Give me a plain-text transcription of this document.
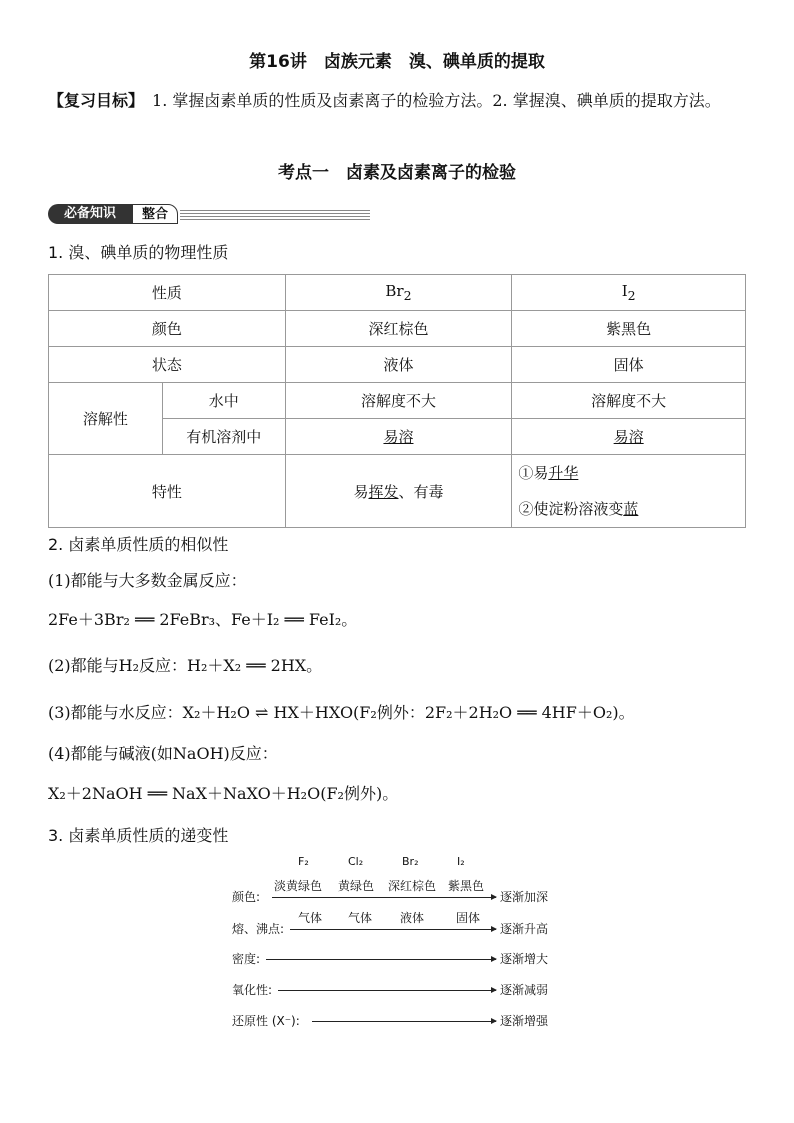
第16讲　卤族元素　溴、碘单质的提取
【复习目标】　1. 掌握卤素单质的性质及卤素离子的检验方法。2. 掌握溴、碘单质的提取方法。
考点一　卤素及卤素离子的检验
必备知识	整合
1. 溴、碘单质的物理性质
性质		$Br_2$	$I_2$
颜色		深红棕色	紫黑色
状态		液体	固体
溶解性	水中	溶解度不大	溶解度不大
	有机溶剂中	易溶	易溶
特性		易挥发、有毒	①易升华
②使淀粉溶液变蓝
2. 卤素单质性质的相似性
(1)都能与大多数金属反应：
2Fe＋3Br₂ ══ 2FeBr₃、Fe＋I₂ ══ FeI₂。
(2)都能与H₂反应：H₂＋X₂ ══ 2HX。
(3)都能与水反应：X₂＋H₂O ⇌ HX＋HXO(F₂例外：2F₂＋2H₂O ══ 4HF＋O₂)。
(4)都能与碱液(如NaOH)反应：
X₂＋2NaOH ══ NaX＋NaXO＋H₂O(F₂例外)。
3. 卤素单质性质的递变性
F₂	Cl₂	Br₂	I₂
颜色:
淡黄绿色 黄绿色 深红棕色 紫黑色
逐渐加深
熔、沸点:
气体 气体 液体	固体
逐渐升高
密度:	逐渐增大
氧化性:	逐渐减弱
还原性 (X⁻):	逐渐增强
